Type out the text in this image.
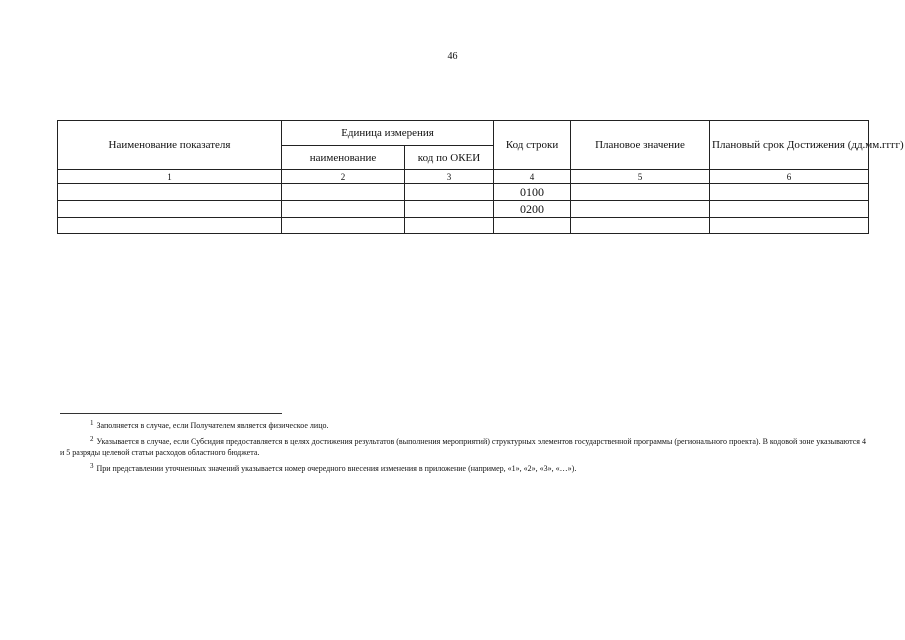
46
Наименование показателя	Единица измерения		Код строки	Плановое значение	Плановый срок Достижения (дд.мм.гггг)
	наименование	код по ОКЕИ			
1	2	3	4	5	6
			0100		
			0200		

$^1$ Заполняется в случае, если Получателем является физическое лицо.

$^2$ Указывается в случае, если Субсидия предоставляется в целях достижения результатов (выполнения мероприятий) структурных элементов государственной программы (регионального проекта). В кодовой зоне указываются 4 и 5 разряды целевой статьи расходов областного бюджета.

$^3$ При представлении уточненных значений указывается номер очередного внесения изменения в приложение (например, «1», «2», «3», «…»).
